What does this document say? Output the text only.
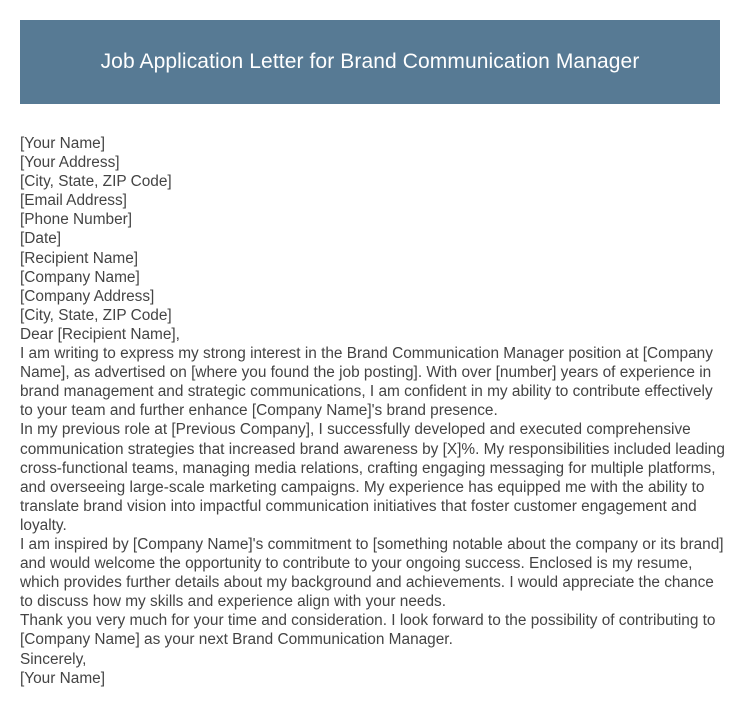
Job Application Letter for Brand Communication Manager
[Your Name]
[Your Address]
[City, State, ZIP Code]
[Email Address]
[Phone Number]
[Date]
[Recipient Name]
[Company Name]
[Company Address]
[City, State, ZIP Code]
Dear [Recipient Name],

I am writing to express my strong interest in the Brand Communication Manager position at [Company Name], as advertised on [where you found the job posting]. With over [number] years of experience in brand management and strategic communications, I am confident in my ability to contribute effectively to your team and further enhance [Company Name]'s brand presence.

In my previous role at [Previous Company], I successfully developed and executed comprehensive communication strategies that increased brand awareness by [X]%. My responsibilities included leading cross-functional teams, managing media relations, crafting engaging messaging for multiple platforms, and overseeing large-scale marketing campaigns. My experience has equipped me with the ability to translate brand vision into impactful communication initiatives that foster customer engagement and loyalty.

I am inspired by [Company Name]'s commitment to [something notable about the company or its brand] and would welcome the opportunity to contribute to your ongoing success. Enclosed is my resume, which provides further details about my background and achievements. I would appreciate the chance to discuss how my skills and experience align with your needs.

Thank you very much for your time and consideration. I look forward to the possibility of contributing to [Company Name] as your next Brand Communication Manager.

Sincerely,
[Your Name]
